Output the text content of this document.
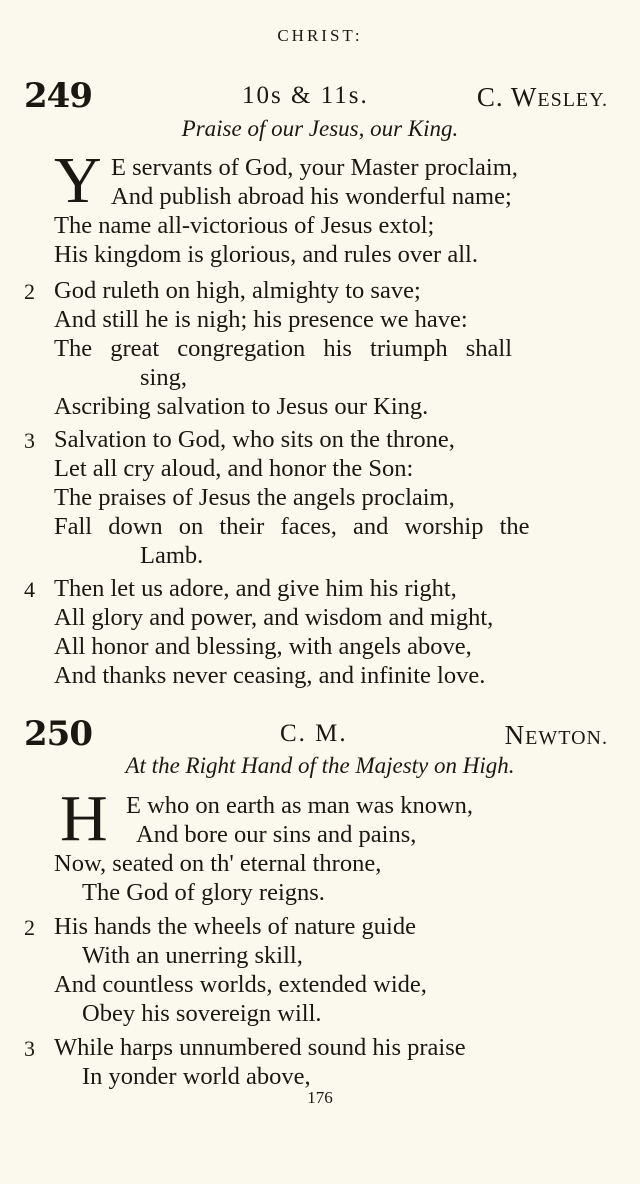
CHRIST:
249	10s & 11s.	C. WESLEY.
Praise of our Jesus, our King.
Y E servants of God, your Master proclaim,
And publish abroad his wonderful name;
The name all-victorious of Jesus extol;
His kingdom is glorious, and rules over all.
2 God ruleth on high, almighty to save;
And still he is nigh; his presence we have:
The great congregation his triumph shall
sing,
Ascribing salvation to Jesus our King.
3 Salvation to God, who sits on the throne,
Let all cry aloud, and honor the Son:
The praises of Jesus the angels proclaim,
Fall down on their faces, and worship the
Lamb.
4 Then let us adore, and give him his right,
All glory and power, and wisdom and might,
All honor and blessing, with angels above,
And thanks never ceasing, and infinite love.
250	C. M.	NEWTON.
At the Right Hand of the Majesty on High.
H E who on earth as man was known,
And bore our sins and pains,
Now, seated on th' eternal throne,
The God of glory reigns.
2 His hands the wheels of nature guide
With an unerring skill,
And countless worlds, extended wide,
Obey his sovereign will.
3 While harps unnumbered sound his praise
In yonder world above,
176
